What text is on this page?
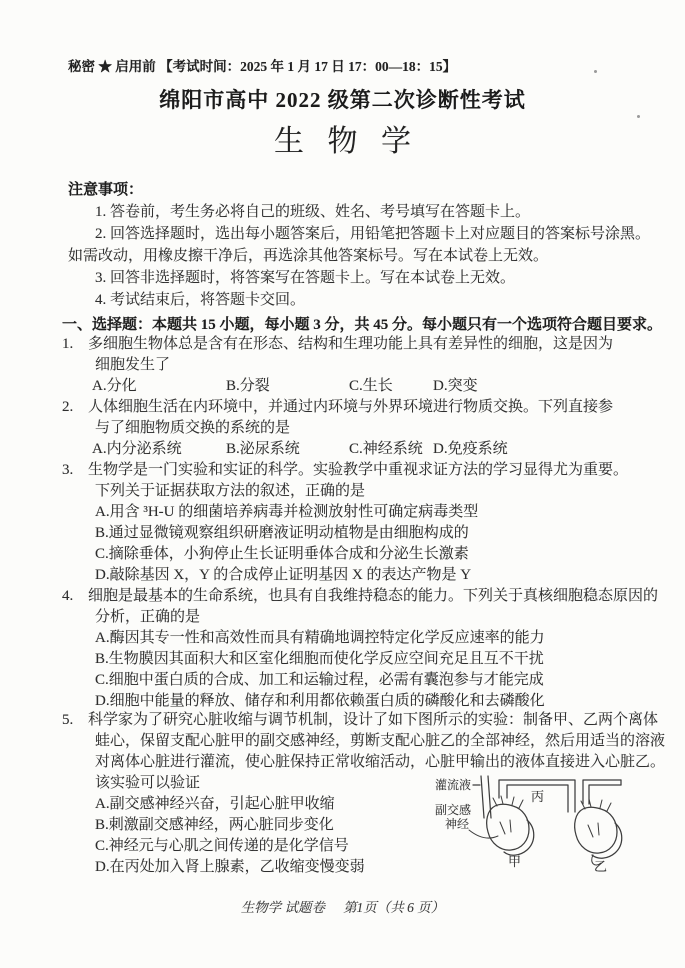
秘密 ★ 启用前 【考试时间：2025 年 1 月 17 日 17：00—18：15】
绵阳市高中 2022 级第二次诊断性考试
生 物 学
注意事项：
1. 答卷前，考生务必将自己的班级、姓名、考号填写在答题卡上。
2. 回答选择题时，选出每小题答案后，用铅笔把答题卡上对应题目的答案标号涂黑。
如需改动，用橡皮擦干净后，再选涂其他答案标号。写在本试卷上无效。
3. 回答非选择题时，将答案写在答题卡上。写在本试卷上无效。
4. 考试结束后，将答题卡交回。
一、选择题：本题共 15 小题，每小题 3 分，共 45 分。每小题只有一个选项符合题目要求。
1. 多细胞生物体总是含有在形态、结构和生理功能上具有差异性的细胞，这是因为
细胞发生了
A.分化	B.分裂	C.生长	D.突变
2. 人体细胞生活在内环境中，并通过内环境与外界环境进行物质交换。下列直接参
与了细胞物质交换的系统的是
A.内分泌系统	B.泌尿系统	C.神经系统 D.免疫系统
3. 生物学是一门实验和实证的科学。实验教学中重视求证方法的学习显得尤为重要。
下列关于证据获取方法的叙述，正确的是
A.用含 ³H-U 的细菌培养病毒并检测放射性可确定病毒类型
B.通过显微镜观察组织研磨液证明动植物是由细胞构成的
C.摘除垂体，小狗停止生长证明垂体合成和分泌生长激素
D.敲除基因 X，Y 的合成停止证明基因 X 的表达产物是 Y
4. 细胞是最基本的生命系统，也具有自我维持稳态的能力。下列关于真核细胞稳态原因的
分析，正确的是
A.酶因其专一性和高效性而具有精确地调控特定化学反应速率的能力
B.生物膜因其面积大和区室化细胞而使化学反应空间充足且互不干扰
C.细胞中蛋白质的合成、加工和运输过程，必需有囊泡参与才能完成
D.细胞中能量的释放、储存和利用都依赖蛋白质的磷酸化和去磷酸化
5. 科学家为了研究心脏收缩与调节机制，设计了如下图所示的实验：制备甲、乙两个离体
蛙心，保留支配心脏甲的副交感神经，剪断支配心脏乙的全部神经，然后用适当的溶液
对离体心脏进行灌流，使心脏保持正常收缩活动，心脏甲输出的液体直接进入心脏乙。
该实验可以验证
A.副交感神经兴奋，引起心脏甲收缩
B.刺激副交感神经，两心脏同步变化
C.神经元与心肌之间传递的是化学信号
D.在丙处加入肾上腺素，乙收缩变慢变弱
灌流液
丙
副交感
神经
甲	乙
生物学 试题卷 第1页（共 6 页）
